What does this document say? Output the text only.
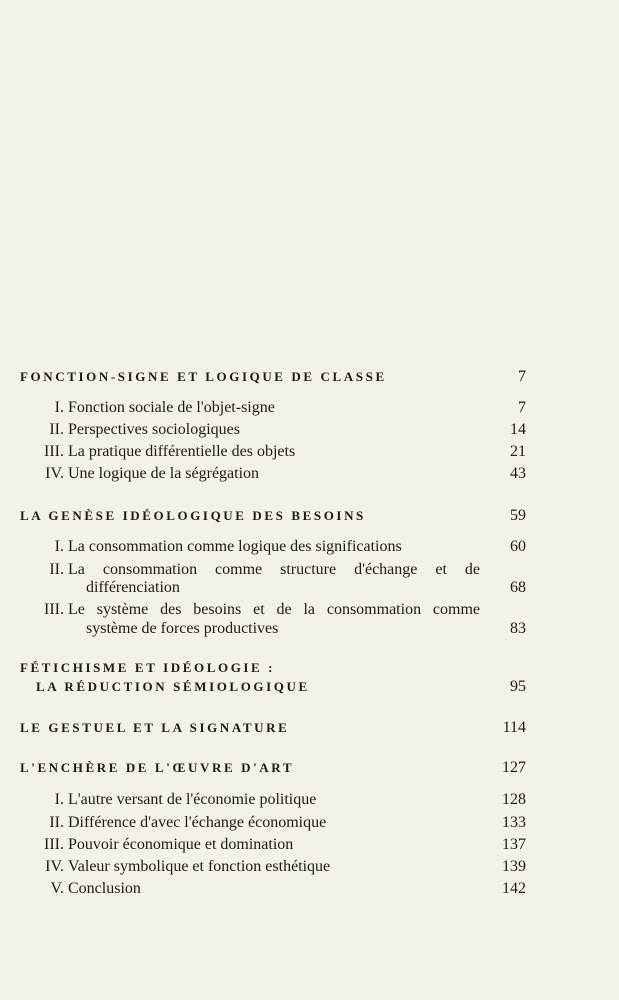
FONCTION-SIGNE ET LOGIQUE DE CLASSE	7
I. Fonction sociale de l'objet-signe	7
II. Perspectives sociologiques	14
III. La pratique différentielle des objets	21
IV. Une logique de la ségrégation	43
LA GENÈSE IDÉOLOGIQUE DES BESOINS	59
I. La consommation comme logique des significations	60
II. La consommation comme structure d'échange et de
différenciation	68
III. Le système des besoins et de la consommation comme
système de forces productives	83
FÉTICHISME ET IDÉOLOGIE :
LA RÉDUCTION SÉMIOLOGIQUE	95
LE GESTUEL ET LA SIGNATURE	114
L'ENCHÈRE DE L'ŒUVRE D'ART	127
I. L'autre versant de l'économie politique	128
II. Différence d'avec l'échange économique	133
III. Pouvoir économique et domination	137
IV. Valeur symbolique et fonction esthétique	139
V. Conclusion	142
